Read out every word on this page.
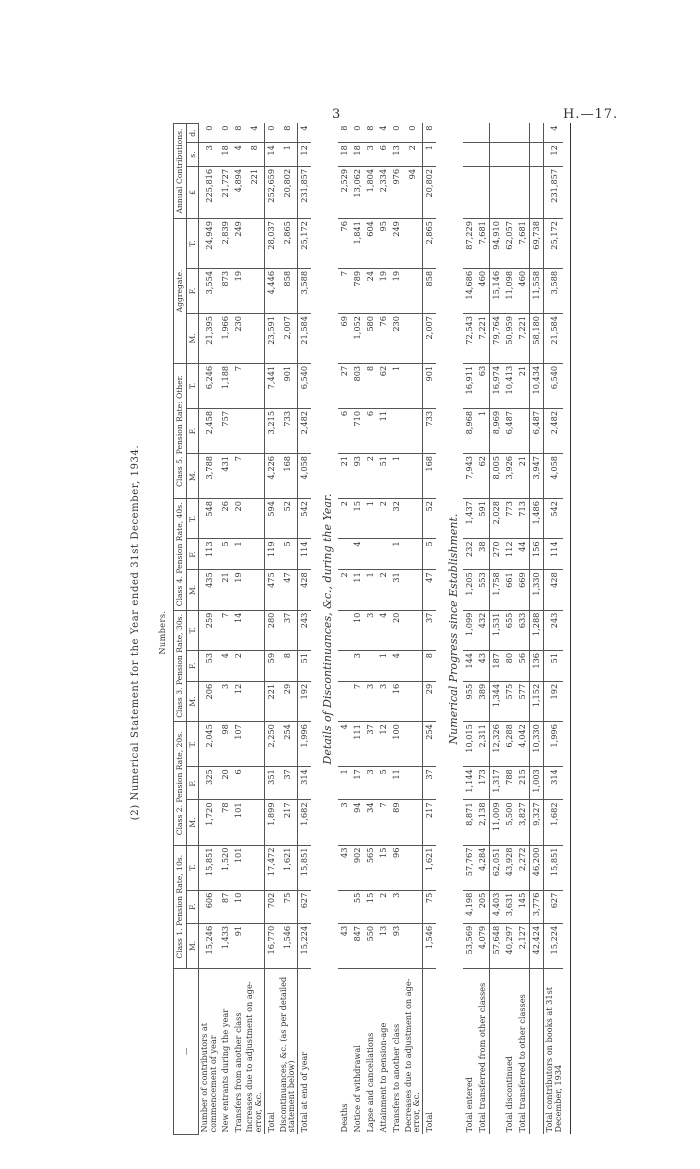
3	H.—17.
(2) Numerical Statement for the Year ended 31st December, 1934. Numbers.
—	Class 1. Pension Rate, 10s.			Class 2. Pension Rate, 20s.			Class 3. Pension Rate, 30s.			Class 4. Pension Rate, 40s.			Class 5. Pension Rate: Other.			Aggregate.			Annual Contributions.		
	M.	F.	T.	M.	F.	T.	M.	F.	T.	M.	F.	T.	M.	F.	T.	M.	F.	T.	£	s.	d.
Number of contributors at commencement of year	15,246	606	15,851	1,720	325	2,045	206	53	259	435	113	548	3,788	2,458	6,246	21,395	3,554	24,949	225,816	3	0
New entrants during the year	1,433	87	1,520	78	20	98	3	4	7	21	5	26	431	757	1,188	1,966	873	2,839	21,727	18	0
Transfers from another class	91	10	101	101	6	107	12	2	14	19	1	20	7		7	230	19	249	4,894	4	8
Increases due to adjustment on age-error, &c.																			221	8	4
Total	16,770	702	17,472	1,899	351	2,250	221	59	280	475	119	594	4,226	3,215	7,441	23,591	4,446	28,037	252,659	14	0
Discontinuances, &c. (as per detailed statement below)	1,546	75	1,621	217	37	254	29	8	37	47	5	52	168	733	901	2,007	858	2,865	20,802	1	8
Total at end of year	15,224	627	15,851	1,682	314	1,996	192	51	243	428	114	542	4,058	2,482	6,540	21,584	3,588	25,172	231,857	12	4

Details of Discontinuances, &c., during the Year.																					
Deaths	43		43	3	1	4				2		2	21	6	27	69	7	76	2,529	18	8
Notice of withdrawal	847	55	902	94	17	111	7	3	10	11	4	15	93	710	803	1,052	789	1,841	13,062	18	0
Lapse and cancellations	550	15	565	34	3	37	3		3	1		1	2	6	8	580	24	604	1,804	3	8
Attainment to pension-age	13	2	15	7	5	12	3	1	4	2		2	51	11	62	76	19	95	2,334	6	4
Transfers to another class	93	3	96	89	11	100	16	4	20	31	1	32	1		1	230	19	249	976	13	0
Decreases due to adjustment on age-error, &c.																			94	2	0
Total	1,546	75	1,621	217	37	254	29	8	37	47	5	52	168	733	901	2,007	858	2,865	20,802	1	8

Numerical Progress since Establishment.																					
Total entered	53,569	4,198	57,767	8,871	1,144	10,015	955	144	1,099	1,205	232	1,437	7,943	8,968	16,911	72,543	14,686	87,229			
Total transferred from other classes	4,079	205	4,284	2,138	173	2,311	389	43	432	553	38	591	62	1	63	7,221	460	7,681			
	57,648	4,403	62,051	11,009	1,317	12,326	1,344	187	1,531	1,758	270	2,028	8,005	8,969	16,974	79,764	15,146	94,910			
Total discontinued	40,297	3,631	43,928	5,500	788	6,288	575	80	655	661	112	773	3,926	6,487	10,413	50,959	11,098	62,057			
Total transferred to other classes	2,127	145	2,272	3,827	215	4,042	577	56	633	669	44	713	21		21	7,221	460	7,681			
	42,424	3,776	46,200	9,327	1,003	10,330	1,152	136	1,288	1,330	156	1,486	3,947	6,487	10,434	58,180	11,558	69,738			
Total contributors on books at 31st December, 1934	15,224	627	15,851	1,682	314	1,996	192	51	243	428	114	542	4,058	2,482	6,540	21,584	3,588	25,172	231,857	12	4
